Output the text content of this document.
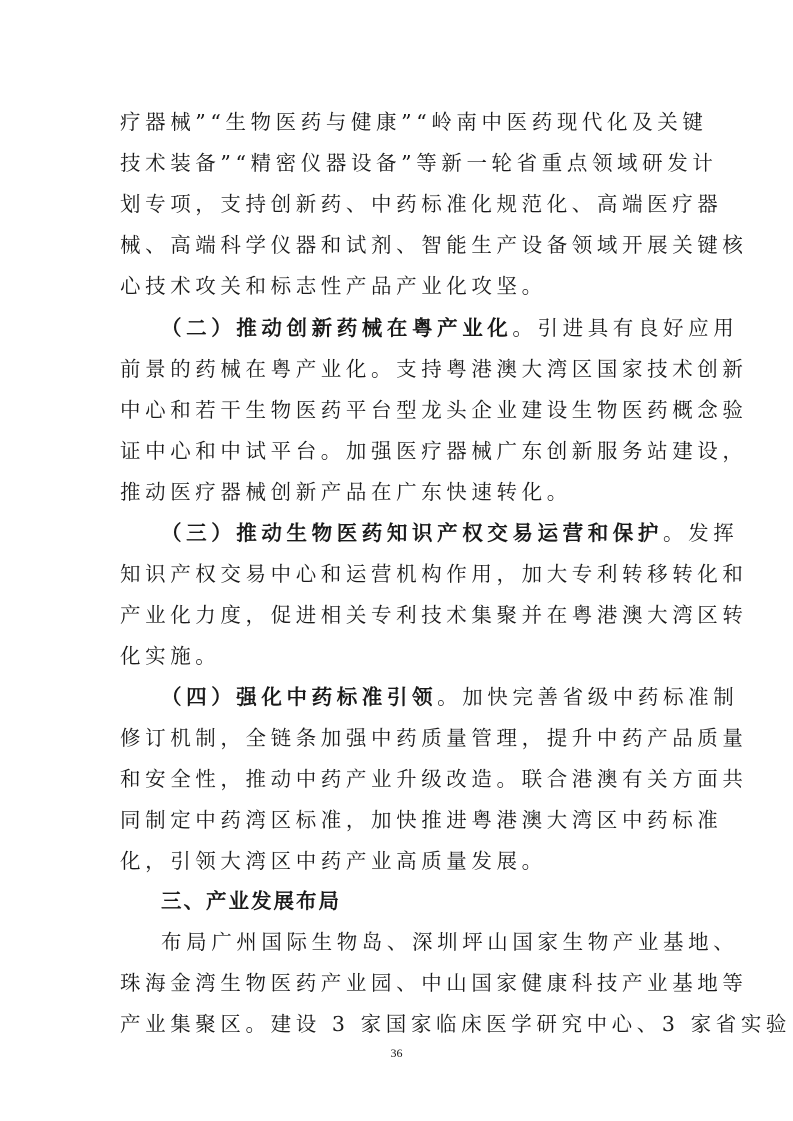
疗器械”“生物医药与健康”“岭南中医药现代化及关键
技术装备”“精密仪器设备”等新一轮省重点领域研发计
划专项，支持创新药、中药标准化规范化、高端医疗器
械、高端科学仪器和试剂、智能生产设备领域开展关键核
心技术攻关和标志性产品产业化攻坚。
（二）推动创新药械在粤产业化。引进具有良好应用
前景的药械在粤产业化。支持粤港澳大湾区国家技术创新
中心和若干生物医药平台型龙头企业建设生物医药概念验
证中心和中试平台。加强医疗器械广东创新服务站建设，
推动医疗器械创新产品在广东快速转化。
（三）推动生物医药知识产权交易运营和保护。发挥
知识产权交易中心和运营机构作用，加大专利转移转化和
产业化力度，促进相关专利技术集聚并在粤港澳大湾区转
化实施。
（四）强化中药标准引领。加快完善省级中药标准制
修订机制，全链条加强中药质量管理，提升中药产品质量
和安全性，推动中药产业升级改造。联合港澳有关方面共
同制定中药湾区标准，加快推进粤港澳大湾区中药标准
化，引领大湾区中药产业高质量发展。
三、产业发展布局
布局广州国际生物岛、深圳坪山国家生物产业基地、
珠海金湾生物医药产业园、中山国家健康科技产业基地等
产业集聚区。建设 3 家国家临床医学研究中心、3 家省实验
36
